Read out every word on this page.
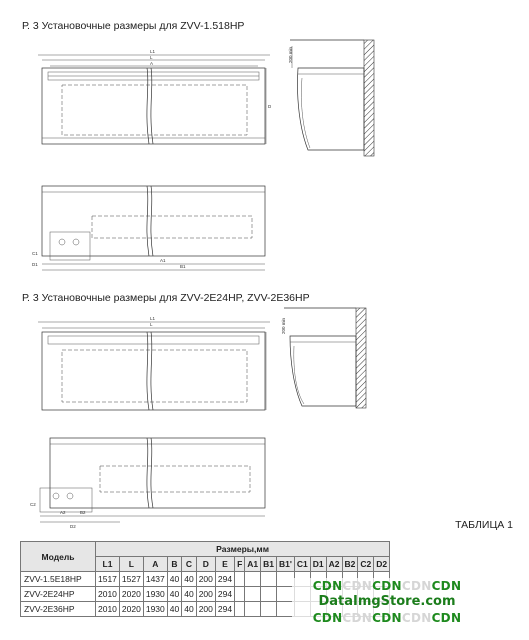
Р. 3 Установочные размеры для ZVV-1.518HP
Р. 3 Установочные размеры для ZVV-2E24HP, ZVV-2E36HP
L1
L
A
D
200 min
A1
B1
C1
D1
L1
L	200 min
A2	B2
C2
D2	ТАБЛИЦА 1
Модель	Размеры,мм																
	L1	L	A	B	C	D	E	F	A1	B1	B1'	C1	D1	A2	B2	C2	D2
ZVV-1.5E18HP	1517	1527	1437	40	40	200	294										
ZVV-2E24HP	2010	2020	1930	40	40	200	294										
ZVV-2E36HP	2010	2020	1930	40	40	200	294										
CDNCDNCDNCDNCDN
DataImgStore.com
CDNCDNCDNCDNCDN
